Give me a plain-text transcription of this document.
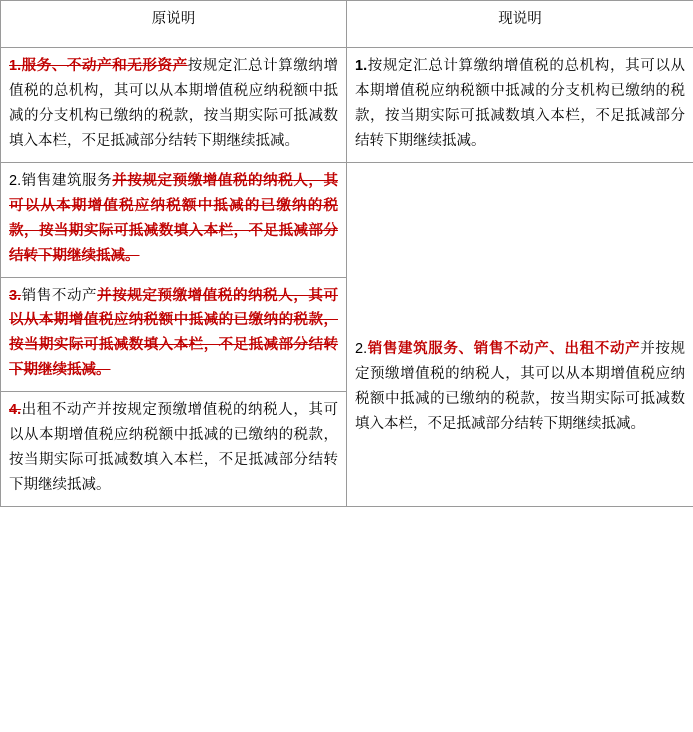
原说明	现说明

1.服务、不动产和无形资产按规定汇总计算缴纳增值税的总机构，其可以从本期增值税应纳税额中抵减的分支机构已缴纳的税款，按当期实际可抵减数填入本栏，不足抵减部分结转下期继续抵减。	1.按规定汇总计算缴纳增值税的总机构，其可以从本期增值税应纳税额中抵减的分支机构已缴纳的税款，按当期实际可抵减数填入本栏，不足抵减部分结转下期继续抵减。

2.销售建筑服务并按规定预缴增值税的纳税人，其可以从本期增值税应纳税额中抵减的已缴纳的税款，按当期实际可抵减数填入本栏，不足抵减部分结转下期继续抵减。	2.销售建筑服务、销售不动产、出租不动产并按规定预缴增值税的纳税人，其可以从本期增值税应纳税额中抵减的已缴纳的税款，按当期实际可抵减数填入本栏，不足抵减部分结转下期继续抵减。

3.销售不动产并按规定预缴增值税的纳税人，其可以从本期增值税应纳税额中抵减的已缴纳的税款，按当期实际可抵减数填入本栏，不足抵减部分结转下期继续抵减。	

4.出租不动产并按规定预缴增值税的纳税人，其可以从本期增值税应纳税额中抵减的已缴纳的税款，按当期实际可抵减数填入本栏，不足抵减部分结转下期继续抵减。	
